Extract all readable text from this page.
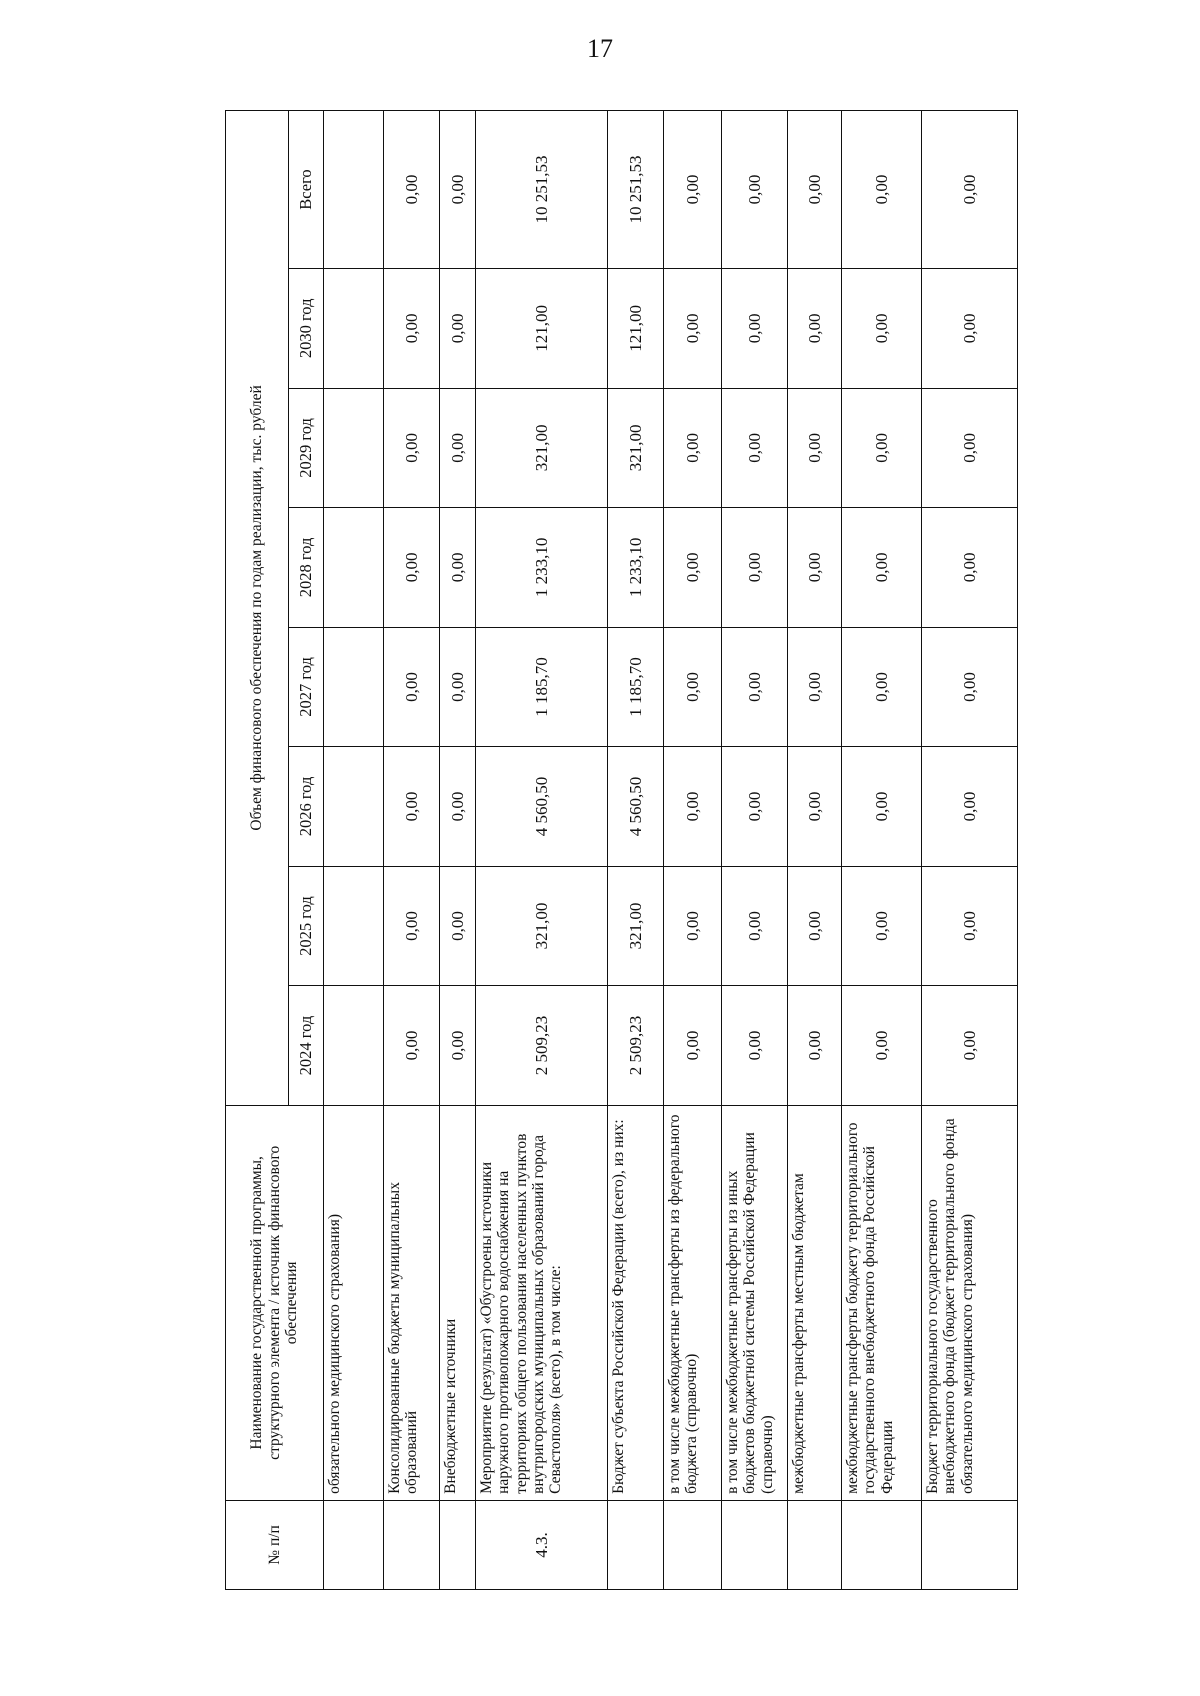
17
№ п/п	Наименование государственной программы, структурного элемента / источник финансового обеспечения	Объем финансового обеспечения по годам реализации, тыс. рублей							
		2024 год	2025 год	2026 год	2027 год	2028 год	2029 год	2030 год	Всего
	обязательного медицинского страхования)								
	Консолидированные бюджеты муниципальных образований	0,00	0,00	0,00	0,00	0,00	0,00	0,00	0,00
	Внебюджетные источники	0,00	0,00	0,00	0,00	0,00	0,00	0,00	0,00
4.3.	Мероприятие (результат) «Обустроены источники наружного противопожарного водоснабжения на территориях общего пользования населенных пунктов внутригородских муниципальных образований города Севастополя» (всего), в том числе:	2 509,23	321,00	4 560,50	1 185,70	1 233,10	321,00	121,00	10 251,53
	Бюджет субъекта Российской Федерации (всего), из них:	2 509,23	321,00	4 560,50	1 185,70	1 233,10	321,00	121,00	10 251,53
	в том числе межбюджетные трансферты из федерального бюджета (справочно)	0,00	0,00	0,00	0,00	0,00	0,00	0,00	0,00
	в том числе межбюджетные трансферты из иных бюджетов бюджетной системы Российской Федерации (справочно)	0,00	0,00	0,00	0,00	0,00	0,00	0,00	0,00
	межбюджетные трансферты местным бюджетам	0,00	0,00	0,00	0,00	0,00	0,00	0,00	0,00
	межбюджетные трансферты бюджету территориального государственного внебюджетного фонда Российской Федерации	0,00	0,00	0,00	0,00	0,00	0,00	0,00	0,00
	Бюджет территориального государственного внебюджетного фонда (бюджет территориального фонда обязательного медицинского страхования)	0,00	0,00	0,00	0,00	0,00	0,00	0,00	0,00
